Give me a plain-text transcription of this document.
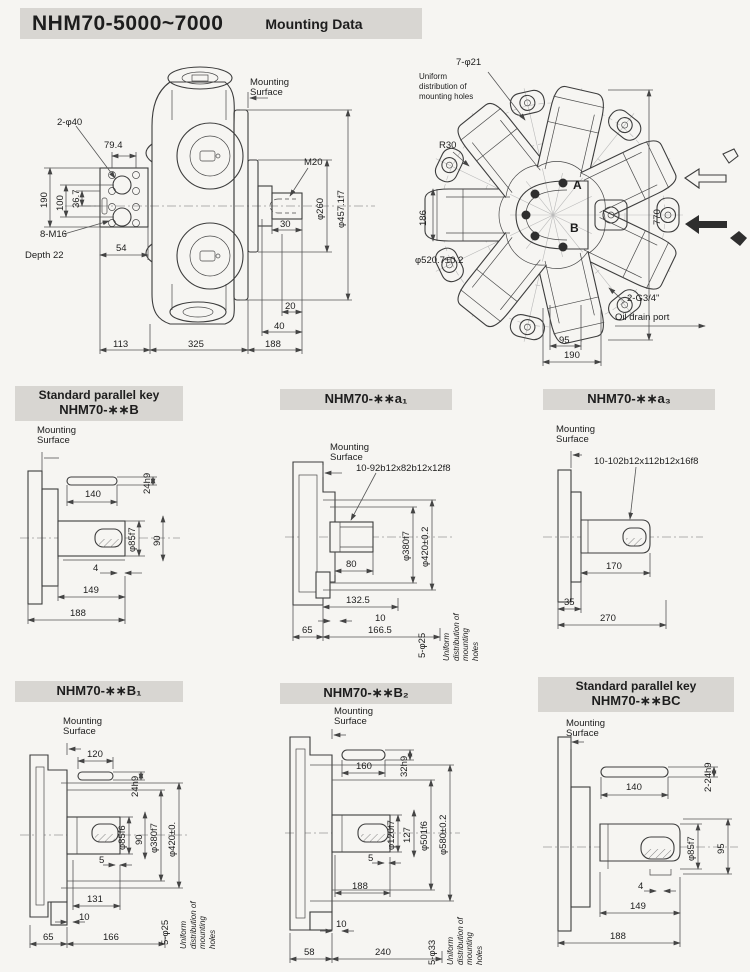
NHM70-5000~7000	Mounting Data
2-φ40
79.4
36.7
100
190
8-M16
Depth 22
54
Mounting Surface
M20
φ260 φ457.1f7
30
20
40
113	325	188
7-φ21
Uniform distribution of mounting holes
R30
186	770
φ520.7±0.2
A
B
2-G3/4"
Oil drain port
95
190
Standard parallel key
NHM70-∗∗B
Mounting Surface
24h9
140
φ85f7 90
4
149
188
NHM70-∗∗a₁
Mounting Surface
10-92b12x82b12x12f8
80
φ380f7 φ420±0.2
132.5
10
65	166.5
5-φ25 Uniform distribution of mounting holes
NHM70-∗∗a₃
Mounting Surface
10-102b12x112b12x16f8
170
35
270
NHM70-∗∗B₁
Mounting Surface
120
24h9
φ85f6 90 φ380f7 φ420±0.
5
131
10
65	166	5-φ25 Uniform distribution of mounting holes
NHM70-∗∗B₂
Mounting Surface
160	32h9
φ120f7 127 φ501f6 φ580±0.2
5
188
10
58	240	5-φ33 Uniform distribution of mounting holes
Standard parallel key
NHM70-∗∗BC
Mounting Surface
140	2-24h9
φ85f7 95
4
149
188
